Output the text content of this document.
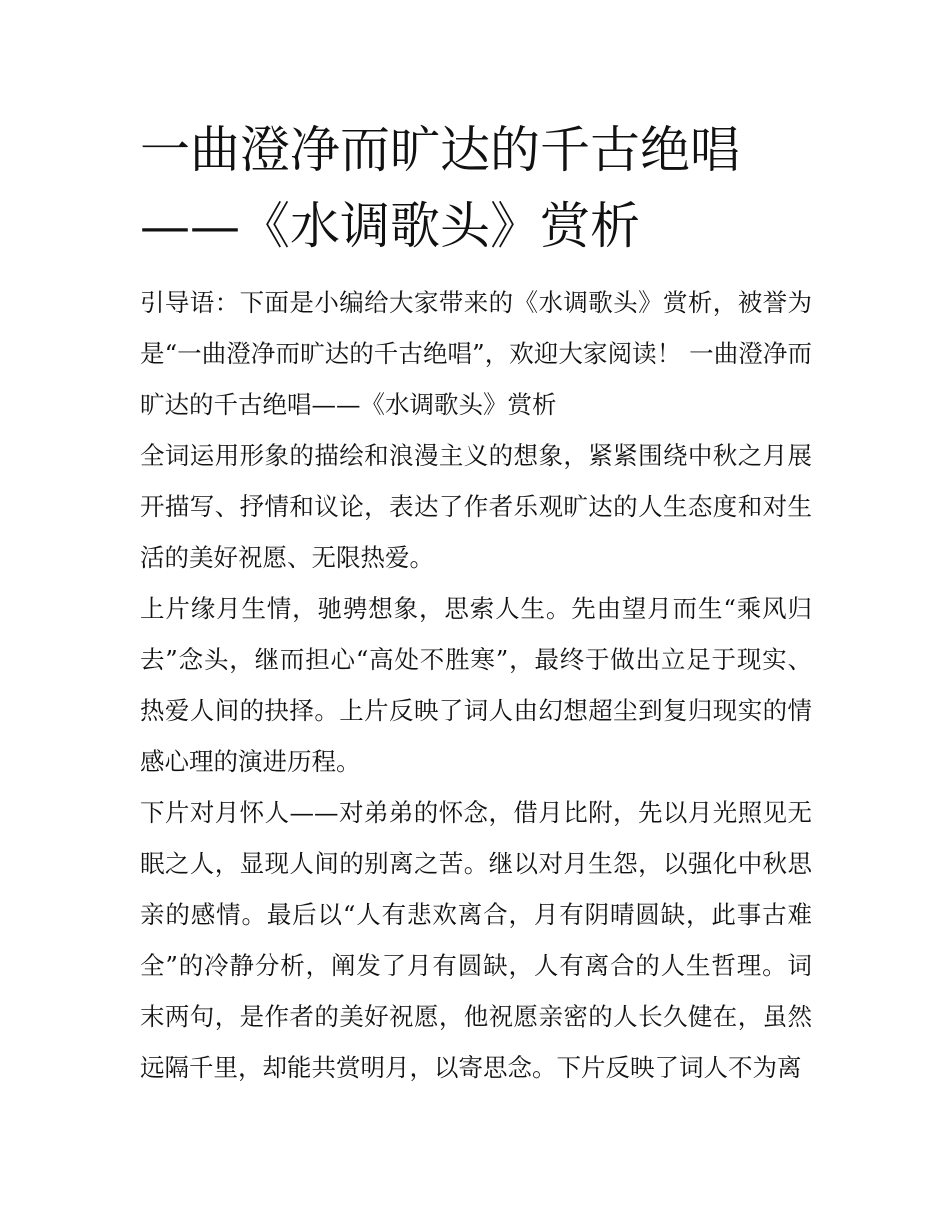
一曲澄净而旷达的千古绝唱
——《水调歌头》赏析

引导语：下面是小编给大家带来的《水调歌头》赏析，被誉为是“一曲澄净而旷达的千古绝唱”，欢迎大家阅读！ 一曲澄净而旷达的千古绝唱——《水调歌头》赏析

全词运用形象的描绘和浪漫主义的想象，紧紧围绕中秋之月展开描写、抒情和议论，表达了作者乐观旷达的人生态度和对生活的美好祝愿、无限热爱。

上片缘月生情，驰骋想象，思索人生。先由望月而生“乘风归去”念头，继而担心“高处不胜寒”，最终于做出立足于现实、热爱人间的抉择。上片反映了词人由幻想超尘到复归现实的情感心理的演进历程。

下片对月怀人——对弟弟的怀念，借月比附，先以月光照见无眠之人，显现人间的别离之苦。继以对月生怨，以强化中秋思亲的感情。最后以“人有悲欢离合，月有阴晴圆缺，此事古难全”的冷静分析，阐发了月有圆缺，人有离合的人生哲理。词末两句，是作者的美好祝愿，他祝愿亲密的人长久健在，虽然远隔千里，却能共赏明月，以寄思念。下片反映了词人不为离
